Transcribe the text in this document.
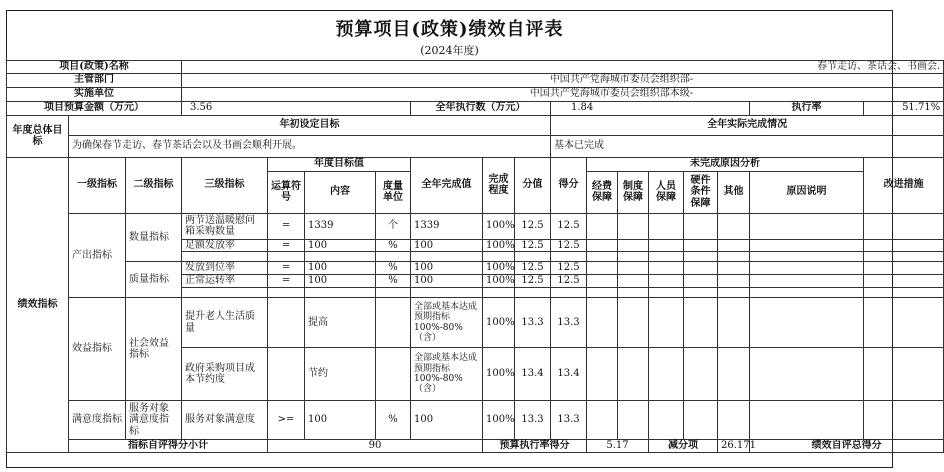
预算项目(政策)绩效自评表
(2024年度)
项目(政策)名称			春节走访、茶话会、书画会.															
主管部门			中国共产党海城市委员会组织部-															
实施单位			中国共产党海城市委员会组织部本级-															
项目预算金额（万元）			3.56				全年执行数（万元）			1.84						执行率	51.71%	
年度总体目标	年初设定目标									全年实际完成情况								
	为确保春节走访、春节茶话会以及书画会顺利开展。									基本已完成								
绩效指标	一级指标	二级指标	三级指标	年度目标值			全年完成值	完成程度	分值	得分	未完成原因分析						改进措施	
				运算符号	内容	度量单位					经费保障	制度保障	人员保障	硬件条件保障	其他	原因说明		
	产出指标	数量指标	两节送温暖慰问箱采购数量	=	1339	个	1339	100%	12.5	12.5								
			足额发放率	=	100	%	100	100%	12.5	12.5								

		质量指标	发放到位率	=	100	%	100	100%	12.5	12.5								
			正常运转率	=	100	%	100	100%	12.5	12.5								

	效益指标	社会效益指标	提升老人生活质量		提高		全部或基本达成预期指标100%-80%（含）	100%	13.3	13.3								
			政府采购项目成本节约度		节约		全部或基本达成预期指标100%-80%（含）	100%	13.4	13.4								
	满意度指标	服务对象满意度指标	服务对象满意度	>=	100	%	100	100%	13.3	13.3								
	指标自评得分小计			90				预算执行率得分			5.17		减分项		26.171	绩效自评总得分	
